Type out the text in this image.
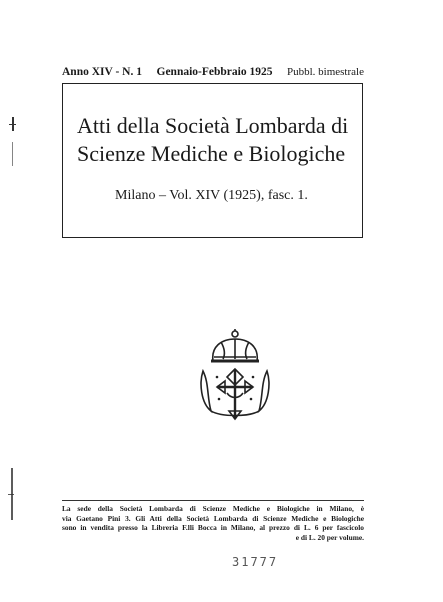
Anno XIV - N. 1 Gennaio-Febbraio 1925 Pubbl. bimestrale
Atti della Società Lombarda di
Scienze Mediche e Biologiche
Milano – Vol. XIV (1925), fasc. 1.
La sede della Società Lombarda di Scienze Mediche e Biologiche in Milano, è
via Gaetano Pini 3. Gli Atti della Società Lombarda di Scienze Mediche e Biologiche
sono in vendita presso la Libreria F.lli Bocca in Milano, al prezzo di L. 6 per fascicolo
e di L. 20 per volume.
31777
